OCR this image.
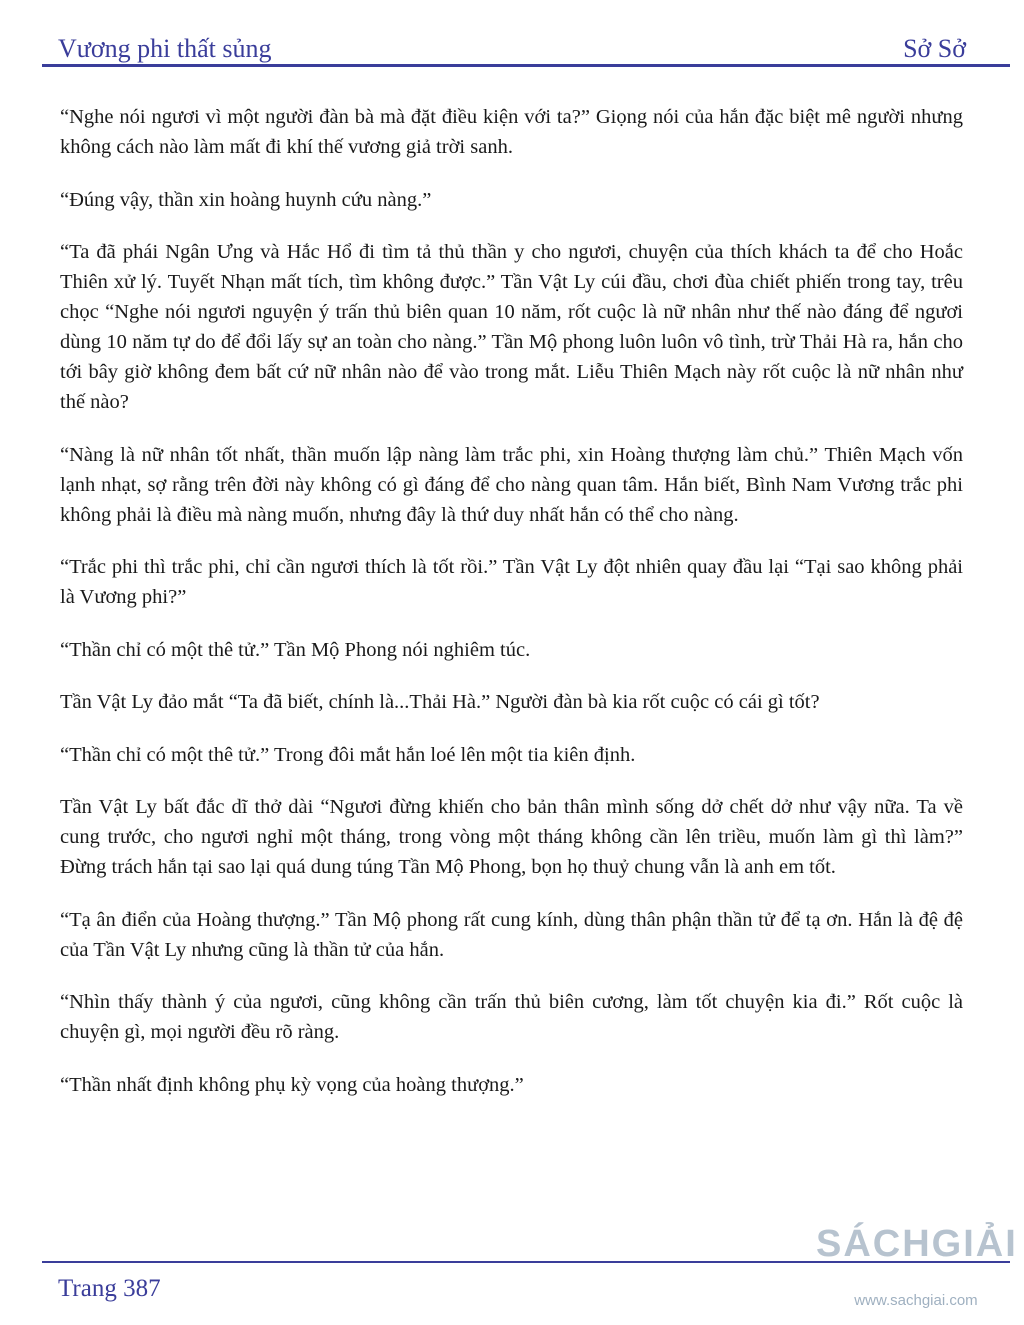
Vương phi thất sủng	Sở Sở

“Nghe nói ngươi vì một người đàn bà mà đặt điều kiện với ta?” Giọng nói của hắn đặc biệt mê người nhưng không cách nào làm mất đi khí thế vương giả trời sanh.

“Đúng vậy, thần xin hoàng huynh cứu nàng.”

“Ta đã phái Ngân Ưng và Hắc Hổ đi tìm tả thủ thần y cho ngươi, chuyện của thích khách ta để cho Hoắc Thiên xử lý. Tuyết Nhạn mất tích, tìm không được.” Tần Vật Ly cúi đầu, chơi đùa chiết phiến trong tay, trêu chọc “Nghe nói ngươi nguyện ý trấn thủ biên quan 10 năm, rốt cuộc là nữ nhân như thế nào đáng để ngươi dùng 10 năm tự do để đổi lấy sự an toàn cho nàng.” Tần Mộ phong luôn luôn vô tình, trừ Thải Hà ra, hắn cho tới bây giờ không đem bất cứ nữ nhân nào để vào trong mắt. Liễu Thiên Mạch này rốt cuộc là nữ nhân như thế nào?

“Nàng là nữ nhân tốt nhất, thần muốn lập nàng làm trắc phi, xin Hoàng thượng làm chủ.” Thiên Mạch vốn lạnh nhạt, sợ rằng trên đời này không có gì đáng để cho nàng quan tâm. Hắn biết, Bình Nam Vương trắc phi không phải là điều mà nàng muốn, nhưng đây là thứ duy nhất hắn có thể cho nàng.

“Trắc phi thì trắc phi, chỉ cần ngươi thích là tốt rồi.” Tần Vật Ly đột nhiên quay đầu lại “Tại sao không phải là Vương phi?”

“Thần chỉ có một thê tử.” Tần Mộ Phong nói nghiêm túc.

Tần Vật Ly đảo mắt “Ta đã biết, chính là...Thải Hà.” Người đàn bà kia rốt cuộc có cái gì tốt?

“Thần chỉ có một thê tử.” Trong đôi mắt hắn loé lên một tia kiên định.

Tần Vật Ly bất đắc dĩ thở dài “Ngươi đừng khiến cho bản thân mình sống dở chết dở như vậy nữa. Ta về cung trước, cho ngươi nghỉ một tháng, trong vòng một tháng không cần lên triều, muốn làm gì thì làm?” Đừng trách hắn tại sao lại quá dung túng Tần Mộ Phong, bọn họ thuỷ chung vẫn là anh em tốt.

“Tạ ân điển của Hoàng thượng.” Tần Mộ phong rất cung kính, dùng thân phận thần tử để tạ ơn. Hắn là đệ đệ của Tần Vật Ly nhưng cũng là thần tử của hắn.

“Nhìn thấy thành ý của ngươi, cũng không cần trấn thủ biên cương, làm tốt chuyện kia đi.” Rốt cuộc là chuyện gì, mọi người đều rõ ràng.

“Thần nhất định không phụ kỳ vọng của hoàng thượng.”

Trang 387
SÁCHGIẢI
www.sachgiai.com
